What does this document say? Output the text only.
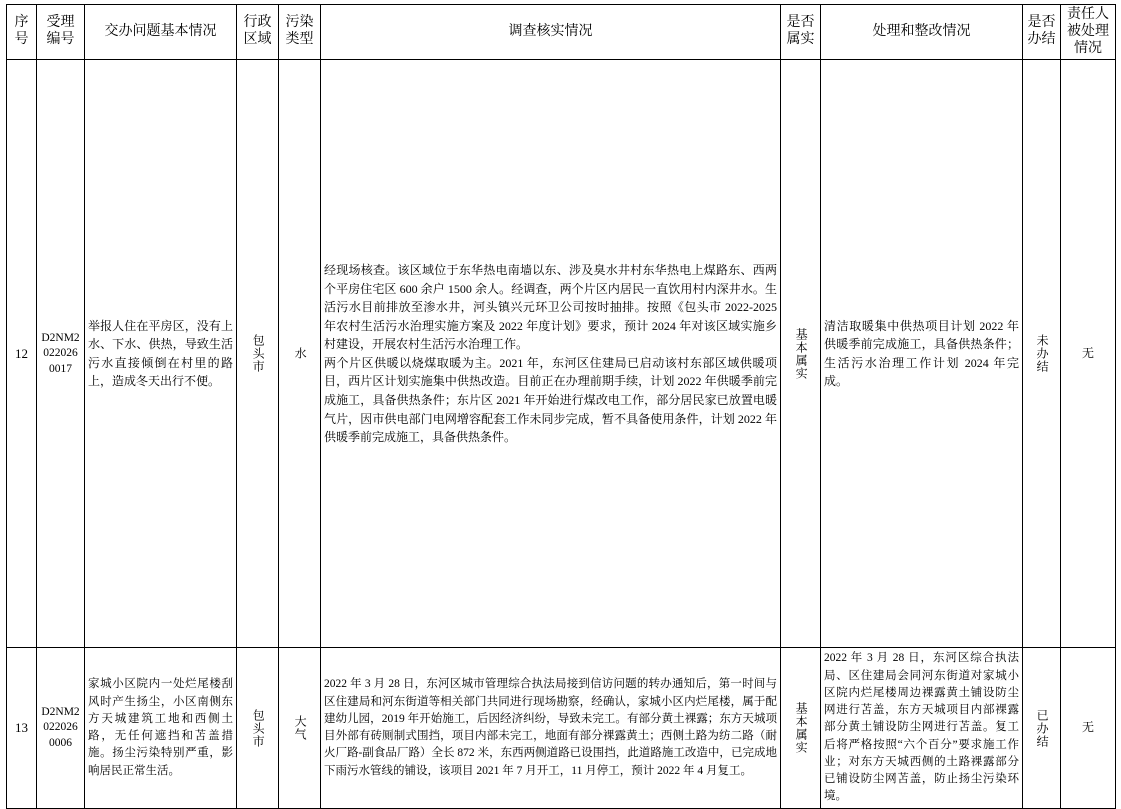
序号	受理编号	交办问题基本情况	行政区域	污染类型	调查核实情况	是否属实	处理和整改情况	是否办结	责任人被处理情况
12	D2NM2022026 0017	举报人住在平房区，没有上水、下水、供热，导致生活污水直接倾倒在村里的路上，造成冬天出行不便。	包头市	水	经现场核查。该区域位于东华热电南墙以东、涉及臭水井村东华热电上煤路东、西两个平房住宅区 600 余户 1500 余人。经调查，两个片区内居民一直饮用村内深井水。生活污水目前排放至渗水井，河头镇兴元环卫公司按时抽排。按照《包头市 2022-2025 年农村生活污水治理实施方案及 2022 年度计划》要求，预计 2024 年对该区域实施乡村建设，开展农村生活污水治理工作。
两个片区供暖以烧煤取暖为主。2021 年，东河区住建局已启动该村东部区域供暖项目，西片区计划实施集中供热改造。目前正在办理前期手续，计划 2022 年供暖季前完成施工，具备供热条件；东片区 2021 年开始进行煤改电工作，部分居民家已放置电暖气片，因市供电部门电网增容配套工作未同步完成，暂不具备使用条件，计划 2022 年供暖季前完成施工，具备供热条件。	基本属实	清洁取暖集中供热项目计划 2022 年供暖季前完成施工，具备供热条件；生活污水治理工作计划 2024 年完成。	未办结	无
13	D2NM2022026 0006	家城小区院内一处烂尾楼刮风时产生扬尘，小区南侧东方天城建筑工地和西侧土路，无任何遮挡和苫盖措施。扬尘污染特别严重，影响居民正常生活。	包头市	大气	2022 年 3 月 28 日，东河区城市管理综合执法局接到信访问题的转办通知后，第一时间与区住建局和河东街道等相关部门共同进行现场勘察，经确认，家城小区内烂尾楼，属于配建幼儿园，2019 年开始施工，后因经济纠纷，导致未完工。有部分黄土裸露；东方天城项目外部有砖厕制式围挡，项目内部未完工，地面有部分裸露黄土；西侧土路为纺二路（耐火厂路-副食品厂路）全长 872 米，东西两侧道路已设围挡，此道路施工改造中，已完成地下雨污水管线的铺设，该项目 2021 年 7 月开工，11 月停工，预计 2022 年 4 月复工。	基本属实	2022 年 3 月 28 日，东河区综合执法局、区住建局会同河东街道对家城小区院内烂尾楼周边裸露黄土铺设防尘网进行苫盖，东方天城项目内部裸露部分黄土铺设防尘网进行苫盖。复工后将严格按照“六个百分”要求施工作业；对东方天城西侧的土路裸露部分已铺设防尘网苫盖，防止扬尘污染环境。	已办结	无
